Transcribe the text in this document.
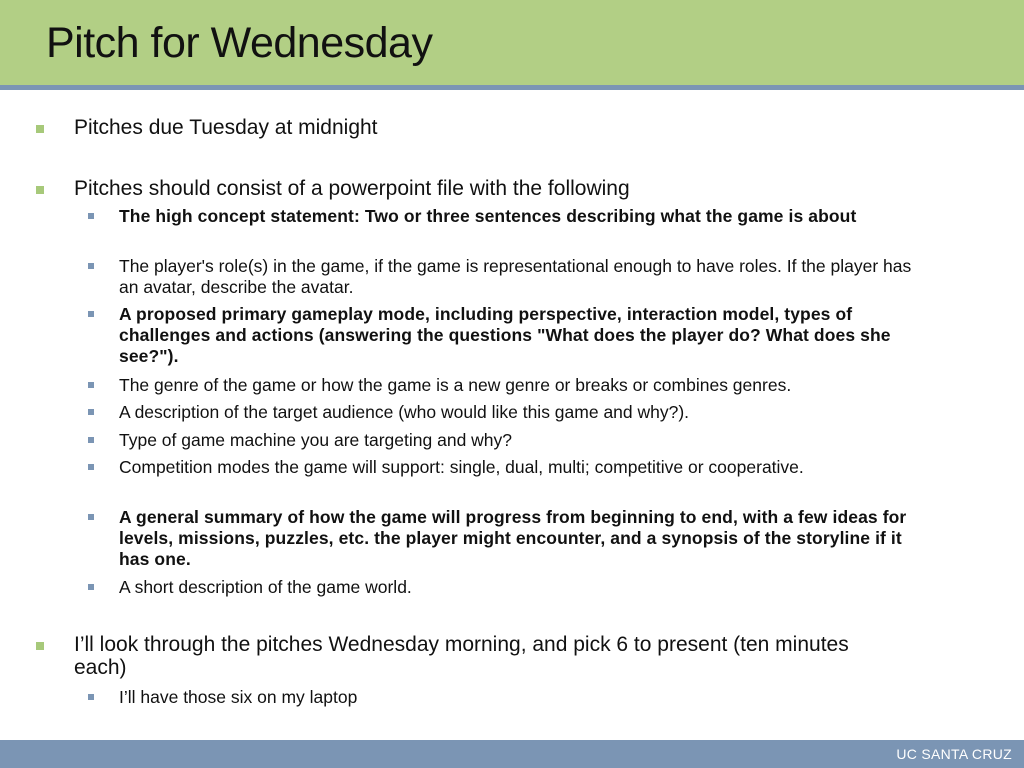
Pitch for Wednesday
Pitches due Tuesday at midnight
Pitches should consist of a powerpoint file with the following
The high concept statement: Two or three sentences describing what the game is about
The player's role(s) in the game, if the game is representational enough to have roles. If the player has an avatar, describe the avatar.
A proposed primary gameplay mode, including perspective, interaction model, types of challenges and actions (answering the questions "What does the player do? What does she see?").
The genre of the game or how the game is a new genre or breaks or combines genres.
A description of the target audience (who would like this game and why?).
Type of game machine you are targeting and why?
Competition modes the game will support: single, dual, multi; competitive or cooperative.
A general summary of how the game will progress from beginning to end, with a few ideas for levels, missions, puzzles, etc. the player might encounter, and a synopsis of the storyline if it has one.
A short description of the game world.
I’ll look through the pitches Wednesday morning, and pick 6 to present (ten minutes each)
I’ll have those six on my laptop
UC SANTA CRUZ
